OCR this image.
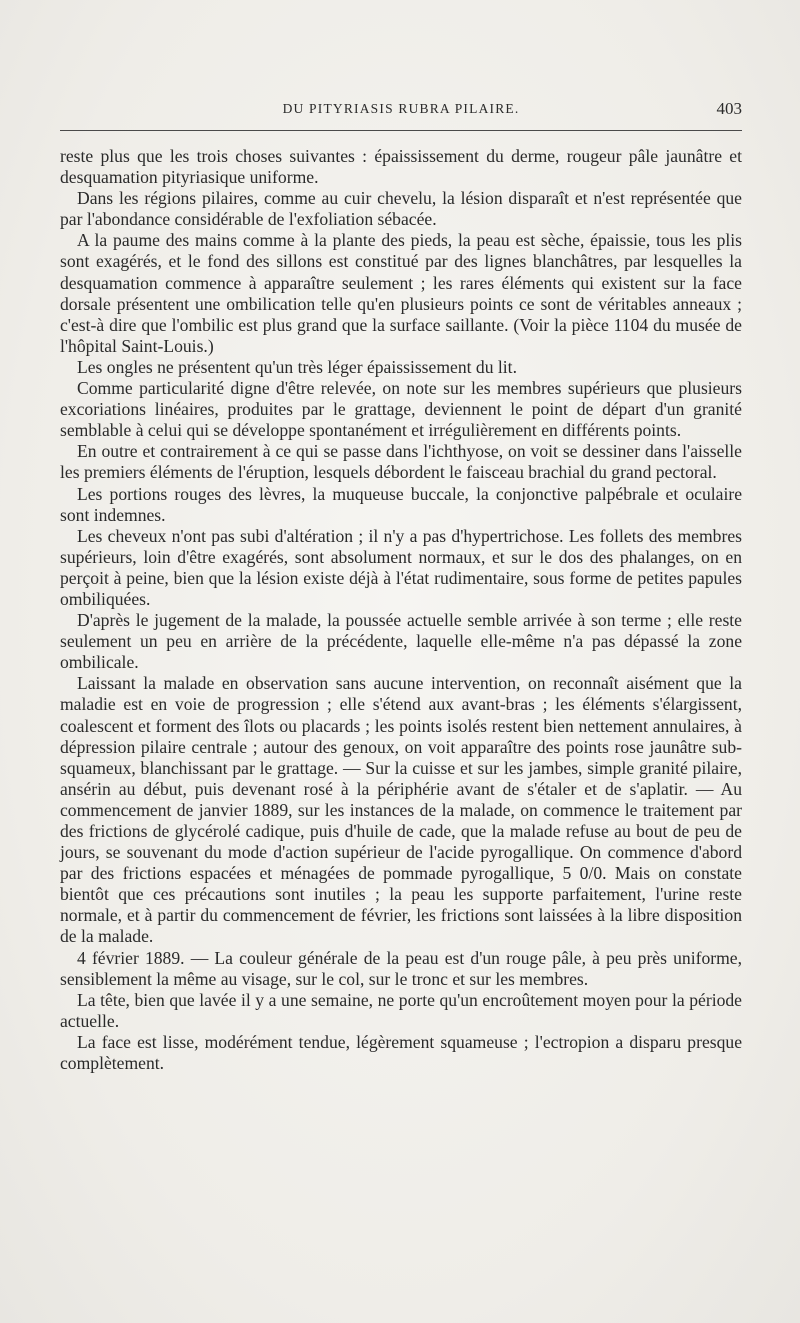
DU PITYRIASIS RUBRA PILAIRE.	403

reste plus que les trois choses suivantes : épaississement du derme, rougeur pâle jaunâtre et desquamation pityriasique uniforme.

Dans les régions pilaires, comme au cuir chevelu, la lésion disparaît et n'est représentée que par l'abondance considérable de l'exfoliation sébacée.

A la paume des mains comme à la plante des pieds, la peau est sèche, épaissie, tous les plis sont exagérés, et le fond des sillons est constitué par des lignes blanchâtres, par lesquelles la desquamation commence à apparaître seulement ; les rares éléments qui existent sur la face dorsale présentent une ombilication telle qu'en plusieurs points ce sont de véritables anneaux ; c'est-à dire que l'ombilic est plus grand que la surface saillante. (Voir la pièce 1104 du musée de l'hôpital Saint-Louis.)

Les ongles ne présentent qu'un très léger épaississement du lit.

Comme particularité digne d'être relevée, on note sur les membres supérieurs que plusieurs excoriations linéaires, produites par le grattage, deviennent le point de départ d'un granité semblable à celui qui se développe spontanément et irrégulièrement en différents points.

En outre et contrairement à ce qui se passe dans l'ichthyose, on voit se dessiner dans l'aisselle les premiers éléments de l'éruption, lesquels débordent le faisceau brachial du grand pectoral.

Les portions rouges des lèvres, la muqueuse buccale, la conjonctive palpébrale et oculaire sont indemnes.

Les cheveux n'ont pas subi d'altération ; il n'y a pas d'hypertrichose. Les follets des membres supérieurs, loin d'être exagérés, sont absolument normaux, et sur le dos des phalanges, on en perçoit à peine, bien que la lésion existe déjà à l'état rudimentaire, sous forme de petites papules ombiliquées.

D'après le jugement de la malade, la poussée actuelle semble arrivée à son terme ; elle reste seulement un peu en arrière de la précédente, laquelle elle-même n'a pas dépassé la zone ombilicale.

Laissant la malade en observation sans aucune intervention, on reconnaît aisément que la maladie est en voie de progression ; elle s'étend aux avant-bras ; les éléments s'élargissent, coalescent et forment des îlots ou placards ; les points isolés restent bien nettement annulaires, à dépression pilaire centrale ; autour des genoux, on voit apparaître des points rose jaunâtre sub-squameux, blanchissant par le grattage. — Sur la cuisse et sur les jambes, simple granité pilaire, ansérin au début, puis devenant rosé à la périphérie avant de s'étaler et de s'aplatir. — Au commencement de janvier 1889, sur les instances de la malade, on commence le traitement par des frictions de glycérolé cadique, puis d'huile de cade, que la malade refuse au bout de peu de jours, se souvenant du mode d'action supérieur de l'acide pyrogallique. On commence d'abord par des frictions espacées et ménagées de pommade pyrogallique, 5 0/0. Mais on constate bientôt que ces précautions sont inutiles ; la peau les supporte parfaitement, l'urine reste normale, et à partir du commencement de février, les frictions sont laissées à la libre disposition de la malade.

4 février 1889. — La couleur générale de la peau est d'un rouge pâle, à peu près uniforme, sensiblement la même au visage, sur le col, sur le tronc et sur les membres.

La tête, bien que lavée il y a une semaine, ne porte qu'un encroûtement moyen pour la période actuelle.

La face est lisse, modérément tendue, légèrement squameuse ; l'ectropion a disparu presque complètement.
